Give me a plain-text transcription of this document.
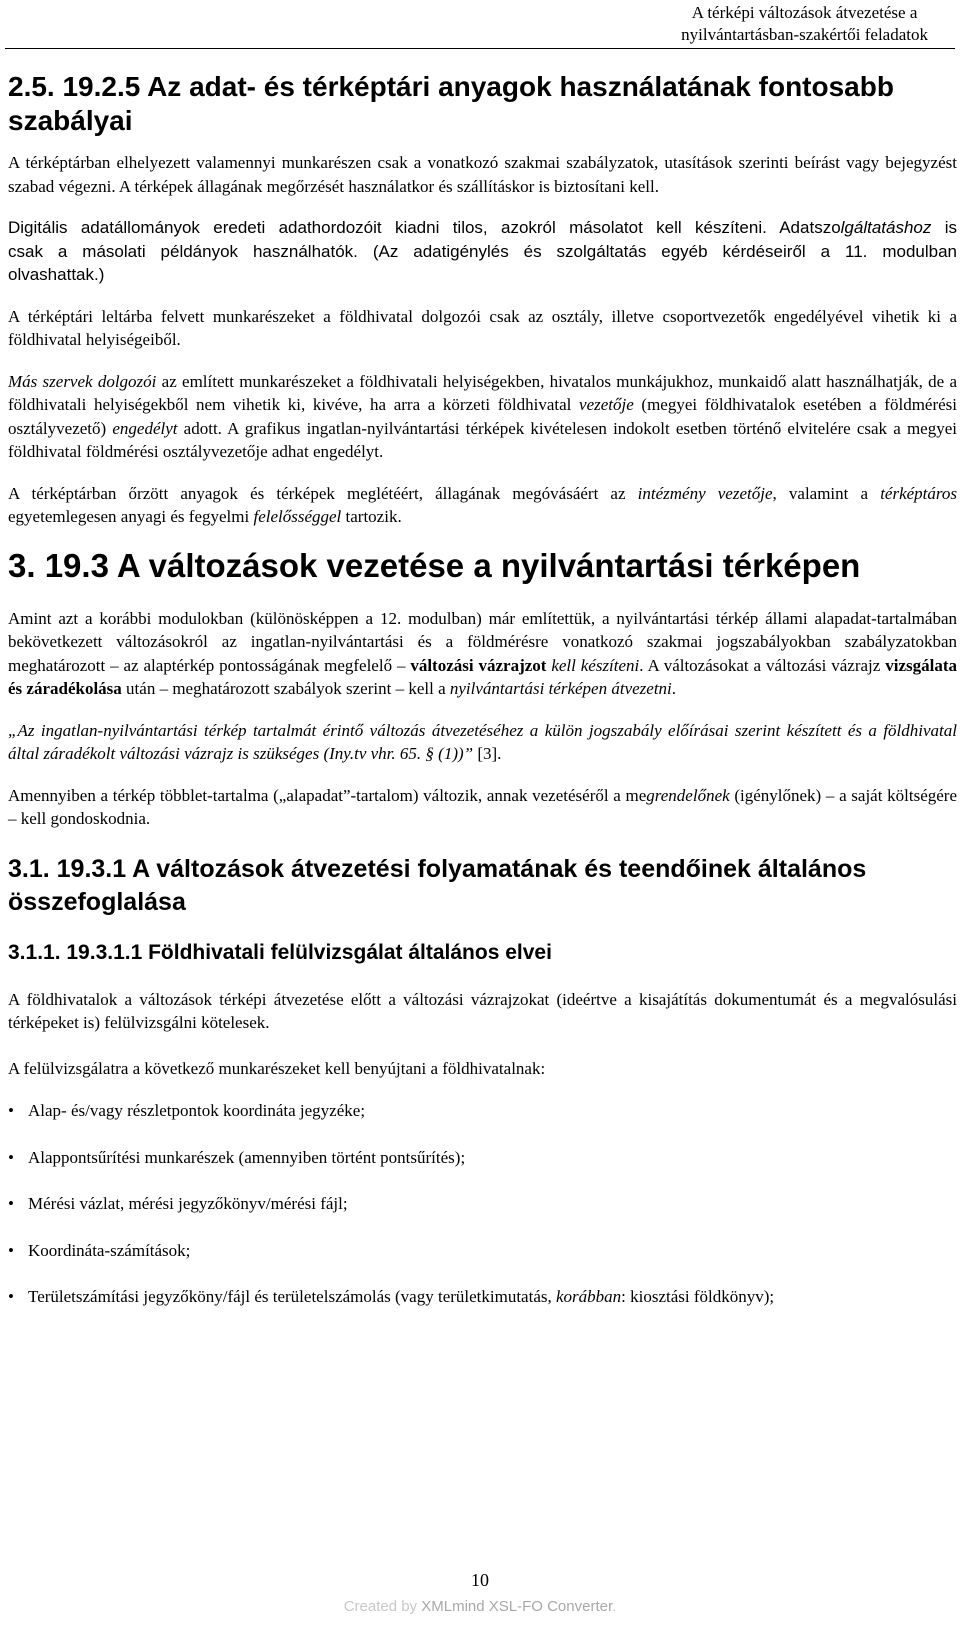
A térképi változások átvezetése a
nyilvántartásban-szakértői feladatok
2.5. 19.2.5 Az adat- és térképtári anyagok használatának fontosabb szabályai

A térképtárban elhelyezett valamennyi munkarészen csak a vonatkozó szakmai szabályzatok, utasítások szerinti beírást vagy bejegyzést szabad végezni. A térképek állagának megőrzését használatkor és szállításkor is biztosítani kell.

Digitális adatállományok eredeti adathordozóit kiadni tilos, azokról másolatot kell készíteni. Adatszolgáltatáshoz is csak a másolati példányok használhatók. (Az adatigénylés és szolgáltatás egyéb kérdéseiről a 11. modulban olvashattak.)

A térképtári leltárba felvett munkarészeket a földhivatal dolgozói csak az osztály, illetve csoportvezetők engedélyével vihetik ki a földhivatal helyiségeiből.

Más szervek dolgozói az említett munkarészeket a földhivatali helyiségekben, hivatalos munkájukhoz, munkaidő alatt használhatják, de a földhivatali helyiségekből nem vihetik ki, kivéve, ha arra a körzeti földhivatal vezetője (megyei földhivatalok esetében a földmérési osztályvezető) engedélyt adott. A grafikus ingatlan-nyilvántartási térképek kivételesen indokolt esetben történő elvitelére csak a megyei földhivatal földmérési osztályvezetője adhat engedélyt.

A térképtárban őrzött anyagok és térképek meglétéért, állagának megóvásáért az intézmény vezetője, valamint a térképtáros egyetemlegesen anyagi és fegyelmi felelősséggel tartozik.

3. 19.3 A változások vezetése a nyilvántartási térképen

Amint azt a korábbi modulokban (különösképpen a 12. modulban) már említettük, a nyilvántartási térkép állami alapadat-tartalmában bekövetkezett változásokról az ingatlan-nyilvántartási és a földmérésre vonatkozó szakmai jogszabályokban szabályzatokban meghatározott – az alaptérkép pontosságának megfelelő – változási vázrajzot kell készíteni. A változásokat a változási vázrajz vizsgálata és záradékolása után – meghatározott szabályok szerint – kell a nyilvántartási térképen átvezetni.

„Az ingatlan-nyilvántartási térkép tartalmát érintő változás átvezetéséhez a külön jogszabály előírásai szerint készített és a földhivatal által záradékolt változási vázrajz is szükséges (Iny.tv vhr. 65. § (1))” [3].

Amennyiben a térkép többlet-tartalma („alapadat”-tartalom) változik, annak vezetéséről a megrendelőnek (igénylőnek) – a saját költségére – kell gondoskodnia.

3.1. 19.3.1 A változások átvezetési folyamatának és teendőinek általános összefoglalása
3.1.1. 19.3.1.1 Földhivatali felülvizsgálat általános elvei

A földhivatalok a változások térképi átvezetése előtt a változási vázrajzokat (ideértve a kisajátítás dokumentumát és a megvalósulási térképeket is) felülvizsgálni kötelesek.

A felülvizsgálatra a következő munkarészeket kell benyújtani a földhivatalnak:

• Alap- és/vagy részletpontok koordináta jegyzéke;
• Alappontsűrítési munkarészek (amennyiben történt pontsűrítés);
• Mérési vázlat, mérési jegyzőkönyv/mérési fájl;
• Koordináta-számítások;
• Területszámítási jegyzőköny/fájl és területelszámolás (vagy területkimutatás, korábban: kiosztási földkönyv);
10
Created by XMLmind XSL-FO Converter.
